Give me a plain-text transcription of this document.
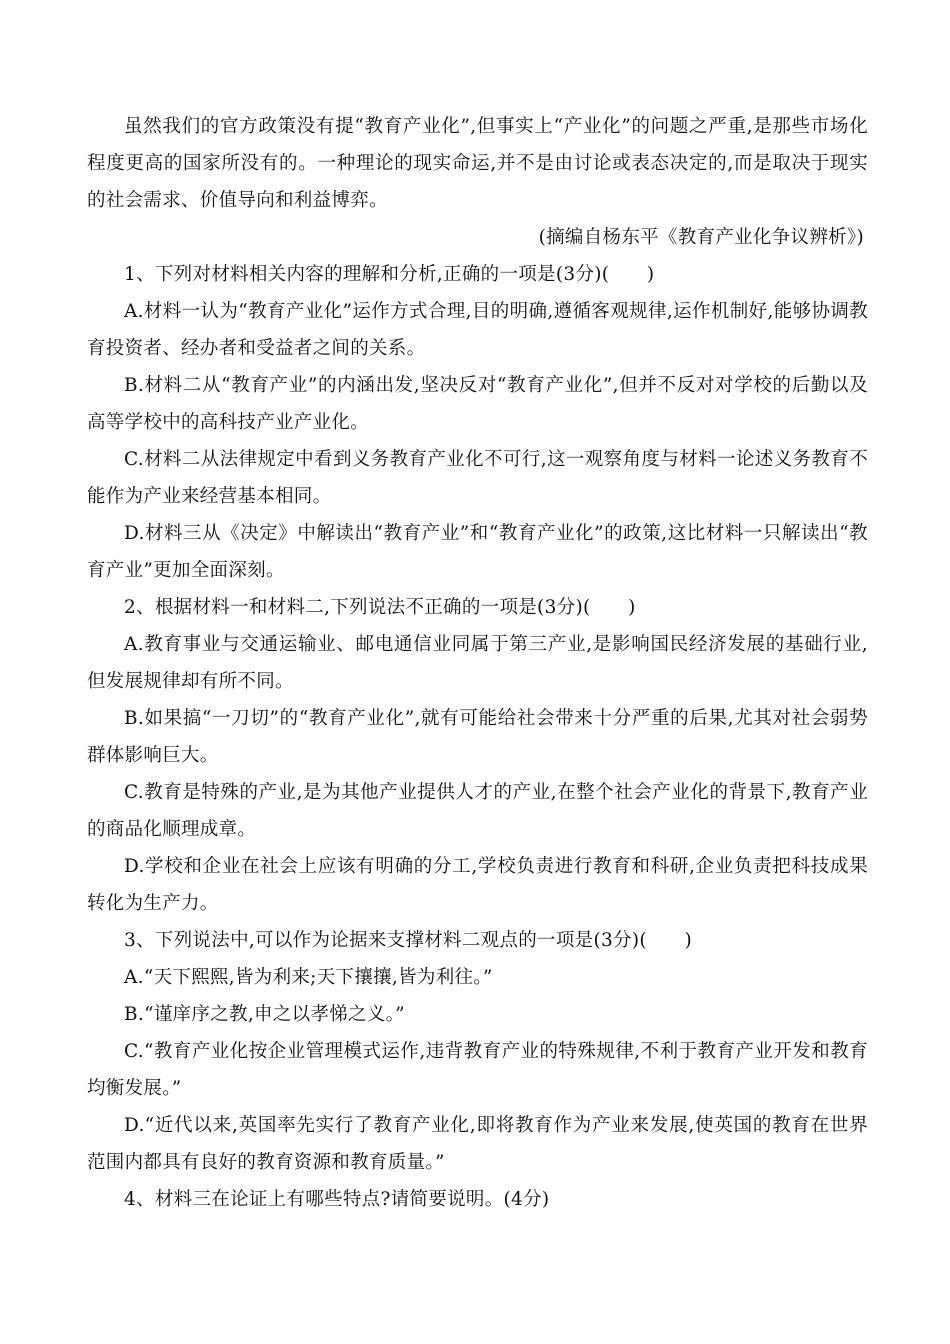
虽然我们的官方政策没有提“教育产业化”,但事实上“产业化”的问题之严重,是那些市场化程度更高的国家所没有的。一种理论的现实命运,并不是由讨论或表态决定的,而是取决于现实的社会需求、价值导向和利益博弈。

(摘编自杨东平《教育产业化争议辨析》)

1、下列对材料相关内容的理解和分析,正确的一项是(3分)(　　)

A.材料一认为“教育产业化”运作方式合理,目的明确,遵循客观规律,运作机制好,能够协调教育投资者、经办者和受益者之间的关系。

B.材料二从“教育产业”的内涵出发,坚决反对“教育产业化”,但并不反对对学校的后勤以及高等学校中的高科技产业产业化。

C.材料二从法律规定中看到义务教育产业化不可行,这一观察角度与材料一论述义务教育不能作为产业来经营基本相同。

D.材料三从《决定》中解读出“教育产业”和“教育产业化”的政策,这比材料一只解读出“教育产业”更加全面深刻。

2、根据材料一和材料二,下列说法不正确的一项是(3分)(　　)

A.教育事业与交通运输业、邮电通信业同属于第三产业,是影响国民经济发展的基础行业,但发展规律却有所不同。

B.如果搞“一刀切”的“教育产业化”,就有可能给社会带来十分严重的后果,尤其对社会弱势群体影响巨大。

C.教育是特殊的产业,是为其他产业提供人才的产业,在整个社会产业化的背景下,教育产业的商品化顺理成章。

D.学校和企业在社会上应该有明确的分工,学校负责进行教育和科研,企业负责把科技成果转化为生产力。

3、下列说法中,可以作为论据来支撑材料二观点的一项是(3分)(　　)

A.“天下熙熙,皆为利来;天下攘攘,皆为利往。”

B.“谨庠序之教,申之以孝悌之义。”

C.“教育产业化按企业管理模式运作,违背教育产业的特殊规律,不利于教育产业开发和教育均衡发展。”

D.“近代以来,英国率先实行了教育产业化,即将教育作为产业来发展,使英国的教育在世界范围内都具有良好的教育资源和教育质量。”

4、材料三在论证上有哪些特点?请简要说明。(4分)
